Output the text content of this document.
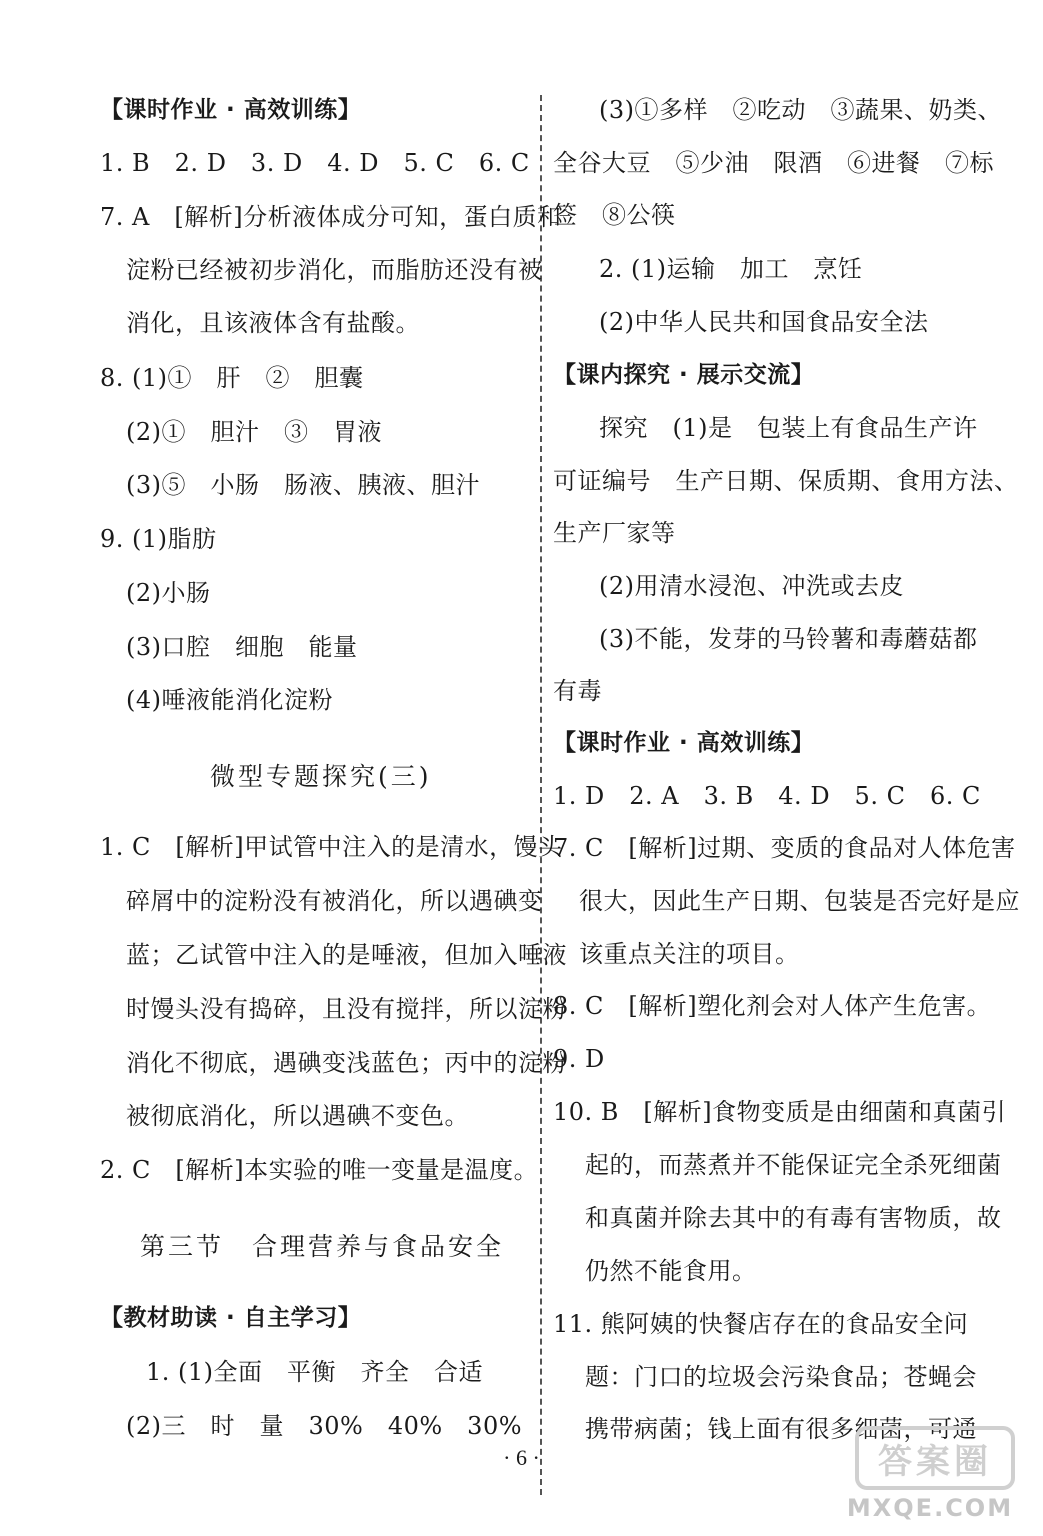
【课时作业 · 高效训练】
1. B　2. D　3. D　4. D　5. C　6. C
7. A　[解析]分析液体成分可知，蛋白质和
淀粉已经被初步消化，而脂肪还没有被
消化，且该液体含有盐酸。
8. (1)①　肝　②　胆囊
(2)①　胆汁　③　胃液
(3)⑤　小肠　肠液、胰液、胆汁
9. (1)脂肪
(2)小肠
(3)口腔　细胞　能量
(4)唾液能消化淀粉
微型专题探究(三)
1. C　[解析]甲试管中注入的是清水，馒头
碎屑中的淀粉没有被消化，所以遇碘变
蓝；乙试管中注入的是唾液，但加入唾液
时馒头没有捣碎，且没有搅拌，所以淀粉
消化不彻底，遇碘变浅蓝色；丙中的淀粉
被彻底消化，所以遇碘不变色。
2. C　[解析]本实验的唯一变量是温度。
第三节　合理营养与食品安全
【教材助读 · 自主学习】
1. (1)全面　平衡　齐全　合适
(2)三　时　量　30%　40%　30%
(3)①多样　②吃动　③蔬果、奶类、
全谷大豆　⑤少油　限酒　⑥进餐　⑦标
签　⑧公筷
2. (1)运输　加工　烹饪
(2)中华人民共和国食品安全法
【课内探究 · 展示交流】
探究　(1)是　包装上有食品生产许
可证编号　生产日期、保质期、食用方法、
生产厂家等
(2)用清水浸泡、冲洗或去皮
(3)不能，发芽的马铃薯和毒蘑菇都
有毒
【课时作业 · 高效训练】
1. D　2. A　3. B　4. D　5. C　6. C
7. C　[解析]过期、变质的食品对人体危害
很大，因此生产日期、包装是否完好是应
该重点关注的项目。
8. C　[解析]塑化剂会对人体产生危害。
9. D
10. B　[解析]食物变质是由细菌和真菌引
起的，而蒸煮并不能保证完全杀死细菌
和真菌并除去其中的有毒有害物质，故
仍然不能食用。
11. 熊阿姨的快餐店存在的食品安全问
题：门口的垃圾会污染食品；苍蝇会
携带病菌；钱上面有很多细菌，可通
· 6 ·	答案圈
MXQE.COM
